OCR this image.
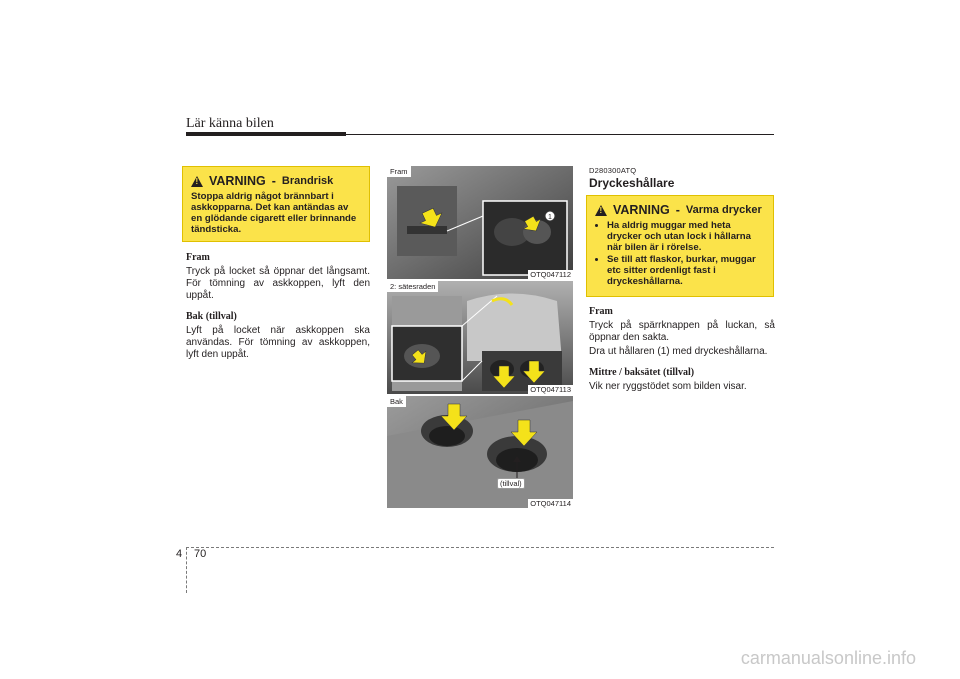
Lär känna bilen
!
VARNING - Brandrisk
Stoppa aldrig något brännbart i askkopparna. Det kan antändas av en glödande cigarett eller brinnande tändsticka.
Fram
Tryck på locket så öppnar det långsamt. För tömning av askkoppen, lyft den uppåt.
Bak (tillval)
Lyft på locket när askkoppen ska användas. För tömning av askkoppen, lyft den uppåt.
1
Fram
OTQ047112
2: sätesraden
OTQ047113
Bak
(tillval)
OTQ047114
D280300ATQ
Dryckeshållare
!
VARNING - Varma drycker
• Ha aldrig muggar med heta drycker och utan lock i hållarna när bilen är i rörelse.
• Se till att flaskor, burkar, muggar etc sitter ordenligt fast i dryckeshållarna.
Fram
Tryck på spärrknappen på luckan, så öppnar den sakta.
Dra ut hållaren (1) med dryckeshållarna.
Mittre / baksätet (tillval)
Vik ner ryggstödet som bilden visar.
4 70
carmanualsonline.info
